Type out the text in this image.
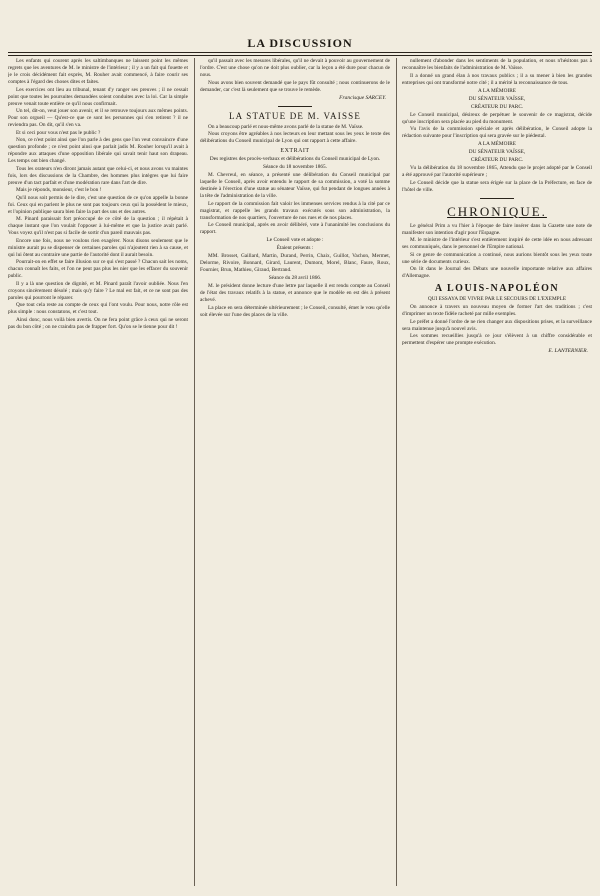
LA DISCUSSION

Les enfants qui courent après les saltimbanques ne laissent point les mêmes regrets que les aventures de M. le ministre de l'intérieur ; il y a un fait qui fouette et je le crois décidément fait exprès, M. Rouher avait commencé, à faire courir ses comptes à l'égard des choses dites et faites.

Les exercices ont lieu au tribunal, tenant d'y ranger ses preuves ; il ne cessait point que toutes les poursuites demandées soient conduites avec la loi. Car la simple preuve venait toute entière ce qu'il nous confirmait.

Un tel, dit-on, veut jouer son avenir, et il se retrouve toujours aux mêmes points. Pour son orgueil — Qu'est-ce que ce sont les personnes qui s'en retirent ? il ne reviendra pas. On dit, qu'il s'en va.

Et si ceci pour vous n'est pas le public ?

Non, ce n'est point ainsi que l'on parle à des gens que l'on veut convaincre d'une question profonde ; ce n'est point ainsi que parlait jadis M. Rouher lorsqu'il avait à répondre aux attaques d'une opposition libérale qui savait tenir haut son drapeau. Les temps ont bien changé.

Tous les orateurs n'en diront jamais autant que celui-ci, et nous avons vu maintes fois, lors des discussions de la Chambre, des hommes plus intègres que lui faire preuve d'un tact parfait et d'une modération rare dans l'art de dire.

Mais je réponds, monsieur, c'est le bon !

Qu'il nous soit permis de le dire, c'est une question de ce qu'on appelle la bonne foi. Ceux qui en parlent le plus ne sont pas toujours ceux qui la possèdent le mieux, et l'opinion publique saura bien faire la part des uns et des autres.

M. Pinard paraissait fort préoccupé de ce côté de la question ; il répétait à chaque instant que l'on voulait l'opposer à lui-même et que la justice avait parlé. Vous voyez qu'il n'est pas si facile de sortir d'un pareil mauvais pas.

Encore une fois, nous ne voulons rien exagérer. Nous disons seulement que le ministre aurait pu se dispenser de certaines paroles qui n'ajoutent rien à sa cause, et qui lui ôtent au contraire une partie de l'autorité dont il aurait besoin.

Pourrait-on en effet se faire illusion sur ce qui s'est passé ? Chacun sait les noms, chacun connaît les faits, et l'on ne peut pas plus les nier que les effacer du souvenir public.

Il y a là une question de dignité, et M. Pinard paraît l'avoir oubliée. Nous l'en croyons sincèrement désolé ; mais qu'y faire ? Le mal est fait, et ce ne sont pas des paroles qui pourront le réparer.

Que tout cela reste au compte de ceux qui l'ont voulu. Pour nous, notre rôle est plus simple : nous constatons, et c'est tout.

Ainsi donc, nous voilà bien avertis. On ne fera point grâce à ceux qui ne seront pas du bon côté ; on ne craindra pas de frapper fort. Qu'on se le tienne pour dit !

qu'il passait avec les mesures libérales, qu'il ne devait à pouvoir au gouvernement de l'ordre. C'est une chose qu'on ne doit plus oublier, car la leçon a été dure pour chacun de nous.

Nous avons bien souvent demandé que le pays fût consulté ; nous continuerons de le demander, car c'est là seulement que se trouve le remède.

Francisque SARCEY.
LA STATUE DE M. VAISSE

On a beaucoup parlé et nous-même avons parlé de la statue de M. Vaïsse.

Nous croyons être agréables à nos lecteurs en leur mettant sous les yeux le texte des délibérations du Conseil municipal de Lyon qui ont rapport à cette affaire.

EXTRAIT
Des registres des procès-verbaux et délibérations du Conseil municipal de Lyon.
Séance du 18 novembre 1865.

M. Chevreul, en séance, a présenté une délibération du Conseil municipal par laquelle le Conseil, après avoir entendu le rapport de sa commission, a voté la somme destinée à l'érection d'une statue au sénateur Vaïsse, qui fut pendant de longues années à la tête de l'administration de la ville.

Le rapport de la commission fait valoir les immenses services rendus à la cité par ce magistrat, et rappelle les grands travaux exécutés sous son administration, la transformation de nos quartiers, l'ouverture de nos rues et de nos places.

Le Conseil municipal, après en avoir délibéré, vote à l'unanimité les conclusions du rapport.

Le Conseil vote et adopte :
Étaient présents :

MM. Brosset, Gaillard, Martin, Durand, Perrin, Chaix, Guillot, Vachon, Mermet, Delorme, Rivoire, Bonnard, Girard, Laurent, Dumont, Morel, Blanc, Faure, Roux, Fournier, Brun, Mathieu, Giraud, Bertrand.

Séance du 28 avril 1866.

M. le président donne lecture d'une lettre par laquelle il est rendu compte au Conseil de l'état des travaux relatifs à la statue, et annonce que le modèle en est dès à présent achevé.

La place en sera déterminée ultérieurement ; le Conseil, consulté, émet le vœu qu'elle soit élevée sur l'une des places de la ville.

nullement d'abonder dans les sentiments de la population, et nous n'hésitons pas à reconnaître les bienfaits de l'administration de M. Vaïsse.

Il a donné un grand élan à nos travaux publics ; il a su mener à bien les grandes entreprises qui ont transformé notre cité ; il a mérité la reconnaissance de tous.

A LA MÉMOIRE
DU SÉNATEUR VAÏSSE,
CRÉATEUR DU PARC.

Le Conseil municipal, désireux de perpétuer le souvenir de ce magistrat, décide qu'une inscription sera placée au pied du monument.

Vu l'avis de la commission spéciale et après délibération, le Conseil adopte la rédaction suivante pour l'inscription qui sera gravée sur le piédestal.

A LA MÉMOIRE
DU SÉNATEUR VAÏSSE,
CRÉATEUR DU PARC.

Vu la délibération du 18 novembre 1865, Attendu que le projet adopté par le Conseil a été approuvé par l'autorité supérieure ;

Le Conseil décide que la statue sera érigée sur la place de la Préfecture, en face de l'hôtel de ville.

CHRONIQUE.

Le général Prim a vu l'hier à l'époque de faire insérer dans la Gazette une note de manifester son intention d'agir pour l'Espagne.

M. le ministre de l'intérieur s'est entièrement inspiré de cette idée en nous adressant ses communiqués, dans le personnel de l'Empire national.

Si ce genre de communication a continué, nous aurions bientôt sous les yeux toute une série de documents curieux.

On lit dans le Journal des Débats une nouvelle importante relative aux affaires d'Allemagne.

A LOUIS-NAPOLÉON
QUI ESSAYA DE VIVRE PAR LE SECOURS DE L'EXEMPLE

On annonce à travers un nouveau moyen de former l'art des traditions ; c'est d'imprimer un texte fidèle racheté par mille exemples.

Le préfet a donné l'ordre de ne rien changer aux dispositions prises, et la surveillance sera maintenue jusqu'à nouvel avis.

Les sommes recueillies jusqu'à ce jour s'élèvent à un chiffre considérable et permettent d'espérer une prompte exécution.

E. LANTERNIER.
